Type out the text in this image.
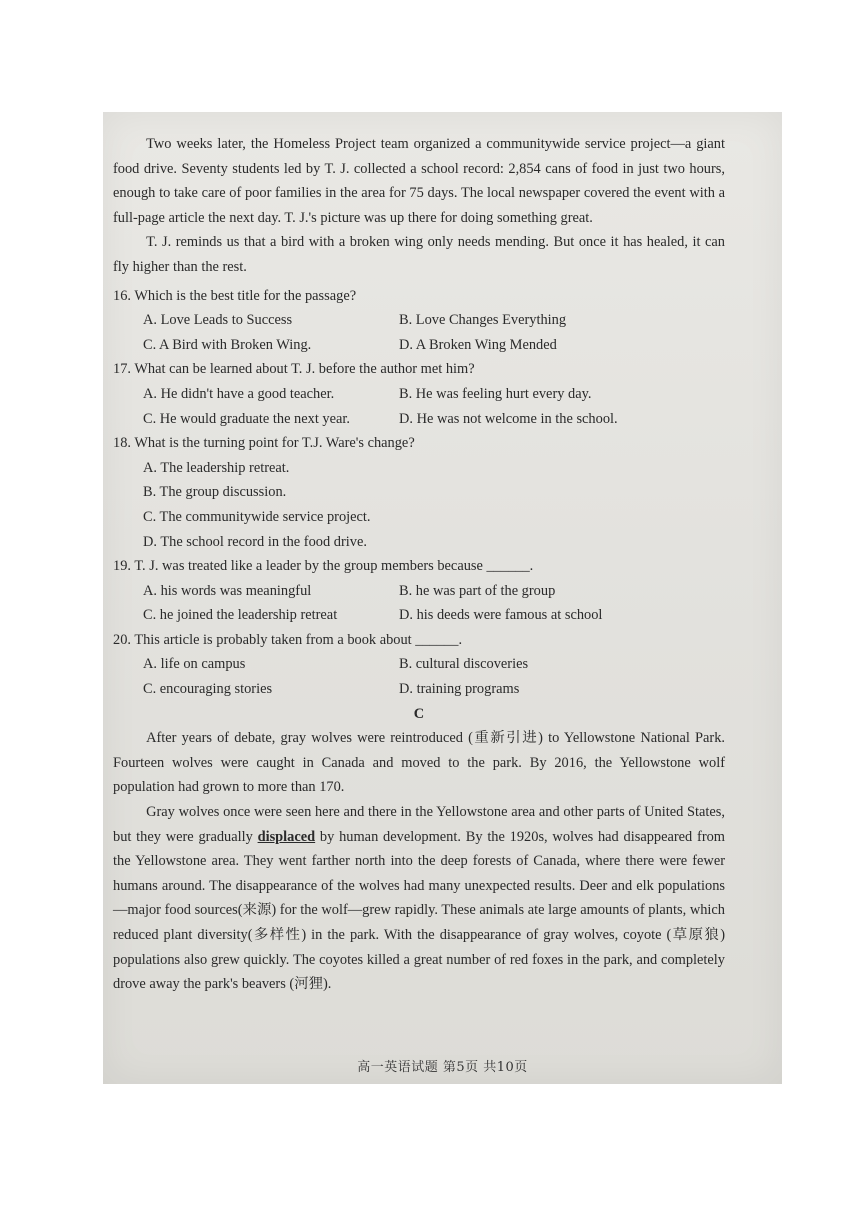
Two weeks later, the Homeless Project team organized a communitywide service project—a giant food drive. Seventy students led by T. J. collected a school record: 2,854 cans of food in just two hours, enough to take care of poor families in the area for 75 days. The local newspaper covered the event with a full-page article the next day. T. J.'s picture was up there for doing something great.

T. J. reminds us that a bird with a broken wing only needs mending. But once it has healed, it can fly higher than the rest.

16. Which is the best title for the passage?

A. Love Leads to Success	B. Love Changes Everything
C. A Bird with Broken Wing.	D. A Broken Wing Mended

17. What can be learned about T. J. before the author met him?

A. He didn't have a good teacher.	B. He was feeling hurt every day.
C. He would graduate the next year.	D. He was not welcome in the school.

18. What is the turning point for T.J. Ware's change?

A. The leadership retreat.
B. The group discussion.
C. The communitywide service project.
D. The school record in the food drive.

19. T. J. was treated like a leader by the group members because ______.

A. his words was meaningful	B. he was part of the group
C. he joined the leadership retreat	D. his deeds were famous at school

20. This article is probably taken from a book about ______.

A. life on campus	B. cultural discoveries
C. encouraging stories	D. training programs

C

After years of debate, gray wolves were reintroduced (重新引进) to Yellowstone National Park. Fourteen wolves were caught in Canada and moved to the park. By 2016, the Yellowstone wolf population had grown to more than 170.

Gray wolves once were seen here and there in the Yellowstone area and other parts of United States, but they were gradually displaced by human development. By the 1920s, wolves had disappeared from the Yellowstone area. They went farther north into the deep forests of Canada, where there were fewer humans around. The disappearance of the wolves had many unexpected results. Deer and elk populations—major food sources(来源) for the wolf—grew rapidly. These animals ate large amounts of plants, which reduced plant diversity(多样性) in the park. With the disappearance of gray wolves, coyote (草原狼) populations also grew quickly. The coyotes killed a great number of red foxes in the park, and completely drove away the park's beavers (河狸).

高一英语试题 第5页 共10页
